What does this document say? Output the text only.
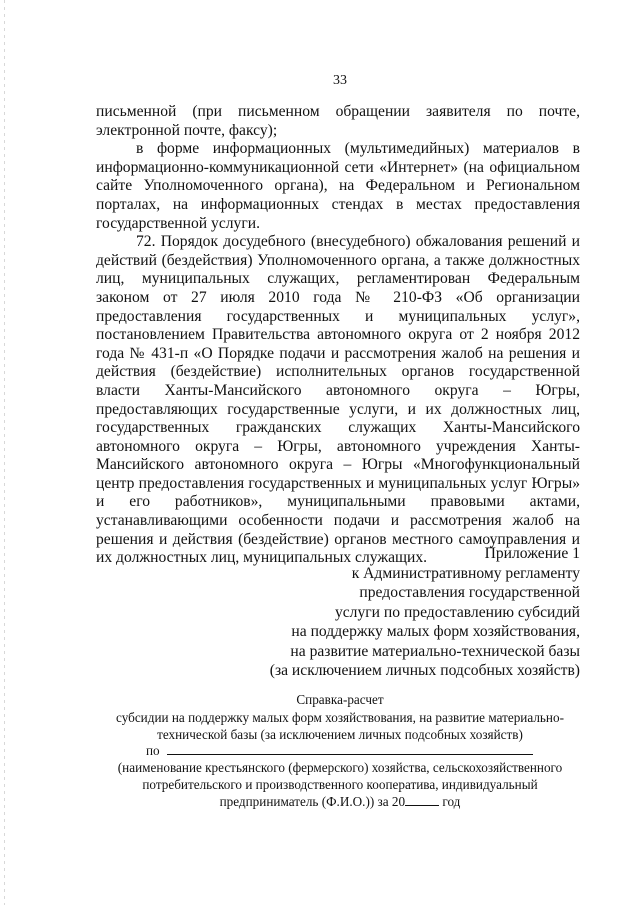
33

письменной (при письменном обращении заявителя по почте, электронной почте, факсу);

в форме информационных (мультимедийных) материалов в информационно-коммуникационной сети «Интернет» (на официальном сайте Уполномоченного органа), на Федеральном и Региональном порталах, на информационных стендах в местах предоставления государственной услуги.

72. Порядок досудебного (внесудебного) обжалования решений и действий (бездействия) Уполномоченного органа, а также должностных лиц, муниципальных служащих, регламентирован Федеральным законом от 27 июля 2010 года № 210-ФЗ «Об организации предоставления государственных и муниципальных услуг», постановлением Правительства автономного округа от 2 ноября 2012 года № 431-п «О Порядке подачи и рассмотрения жалоб на решения и действия (бездействие) исполнительных органов государственной власти Ханты-Мансийского автономного округа – Югры, предоставляющих государственные услуги, и их должностных лиц, государственных гражданских служащих Ханты-Мансийского автономного округа – Югры, автономного учреждения Ханты-Мансийского автономного округа – Югры «Многофункциональный центр предоставления государственных и муниципальных услуг Югры» и его работников», муниципальными правовыми актами, устанавливающими особенности подачи и рассмотрения жалоб на решения и действия (бездействие) органов местного самоуправления и их должностных лиц, муниципальных служащих.	Приложение 1
к Административному регламенту
предоставления государственной
услуги по предоставлению субсидий
на поддержку малых форм хозяйствования,
на развитие материально-технической базы
(за исключением личных подсобных хозяйств)
Справка-расчет
субсидии на поддержку малых форм хозяйствования, на развитие материально-
технической базы (за исключением личных подсобных хозяйств)
по
(наименование крестьянского (фермерского) хозяйства, сельскохозяйственного
потребительского и производственного кооператива, индивидуальный
предприниматель (Ф.И.О.)) за 20	год
